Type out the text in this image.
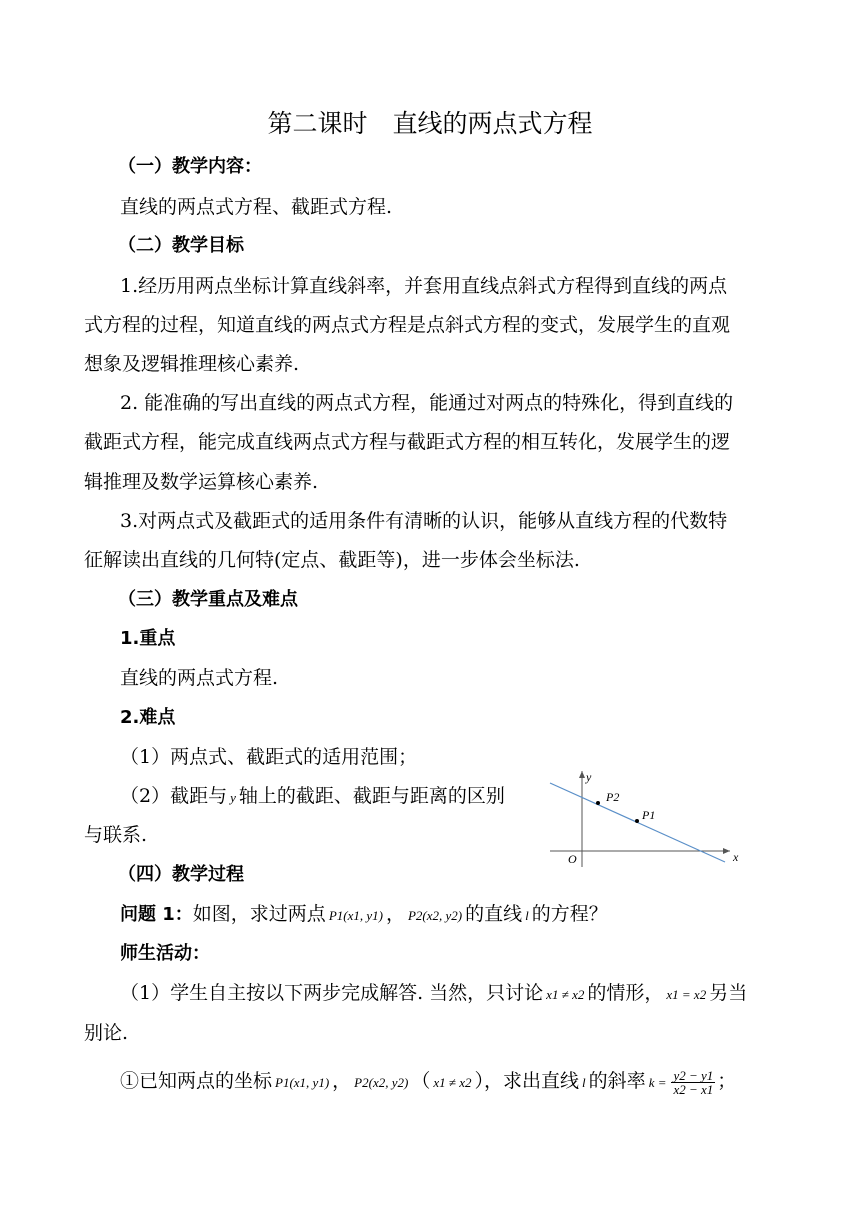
第二课时　直线的两点式方程
（一）教学内容：
直线的两点式方程、截距式方程.
（二）教学目标
1.经历用两点坐标计算直线斜率，并套用直线点斜式方程得到直线的两点
式方程的过程，知道直线的两点式方程是点斜式方程的变式，发展学生的直观
想象及逻辑推理核心素养.
2. 能准确的写出直线的两点式方程，能通过对两点的特殊化，得到直线的
截距式方程，能完成直线两点式方程与截距式方程的相互转化，发展学生的逻
辑推理及数学运算核心素养.
3.对两点式及截距式的适用条件有清晰的认识，能够从直线方程的代数特
征解读出直线的几何特(定点、截距等)，进一步体会坐标法.
（三）教学重点及难点
1.重点
直线的两点式方程.
2.难点
（1）两点式、截距式的适用范围；
（2）截距与 y 轴上的截距、截距与距离的区别
与联系.
y
x
O
P2
P1
（四）教学过程
问题 1：如图，求过两点 P1(x1, y1) ， P2(x2, y2) 的直线 l 的方程？
师生活动：
（1）学生自主按以下两步完成解答. 当然，只讨论 x1 ≠ x2 的情形， x1 = x2 另当
别论.
①已知两点的坐标 P1(x1, y1) ， P2(x2, y2) （ x1 ≠ x2 ），求出直线 l 的斜率 $k = \frac{y2 - y1}{x2 - x1}$ ；
